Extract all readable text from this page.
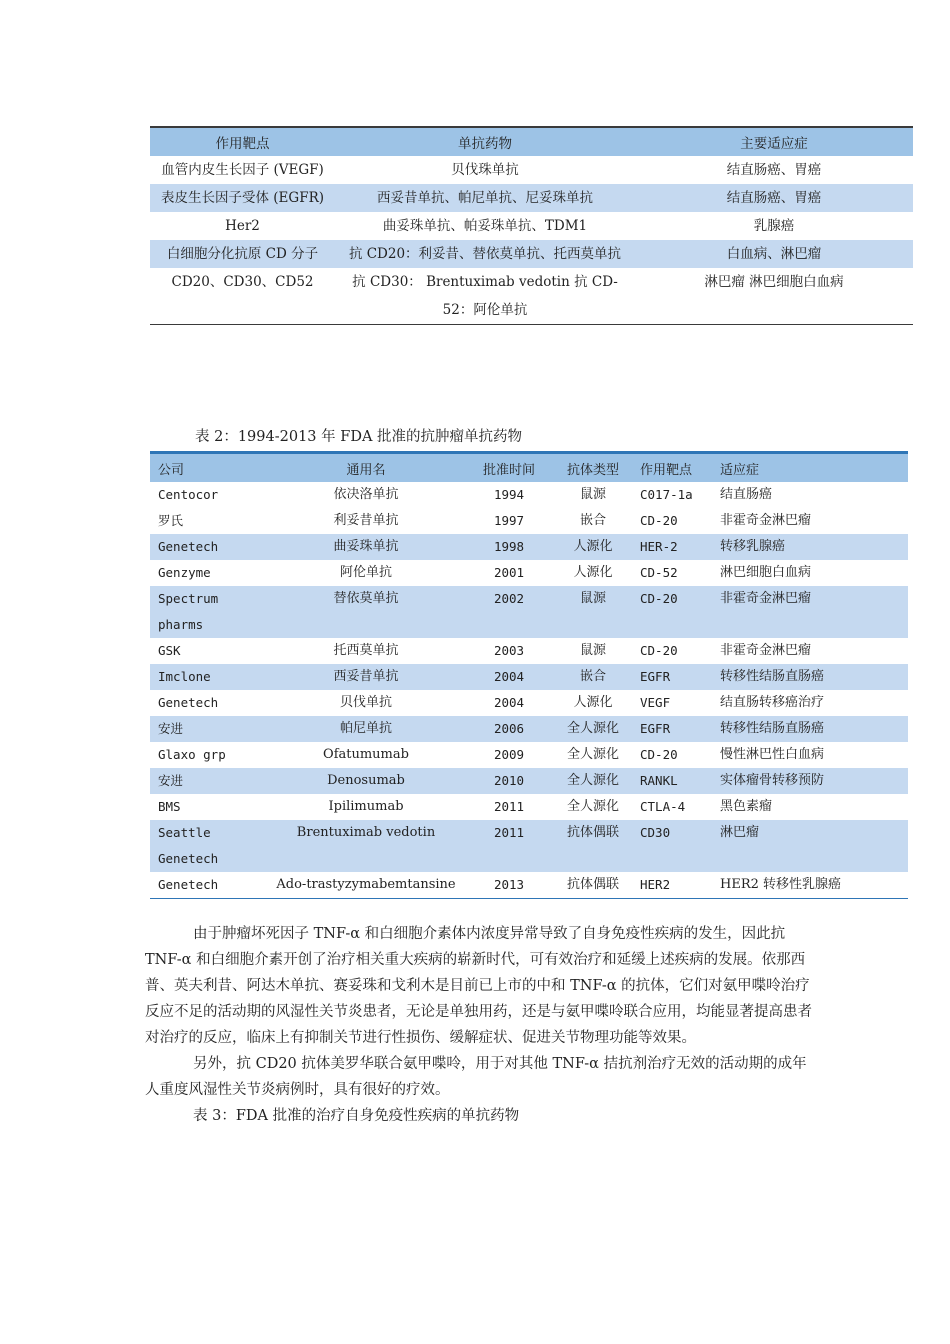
作用靶点	单抗药物	主要适应症
血管内皮生长因子 (VEGF)	贝伐珠单抗	结直肠癌、胃癌
表皮生长因子受体 (EGFR)	西妥昔单抗、帕尼单抗、尼妥珠单抗	结直肠癌、胃癌
Her2	曲妥珠单抗、帕妥珠单抗、TDM1	乳腺癌
白细胞分化抗原 CD 分子	抗 CD20：利妥昔、替依莫单抗、托西莫单抗	白血病、淋巴瘤
CD20、CD30、CD52	抗 CD30： Brentuximab vedotin 抗 CD-52：阿伦单抗	淋巴瘤 淋巴细胞白血病
表 2：1994-2013 年 FDA 批准的抗肿瘤单抗药物
公司	通用名	批准时间	抗体类型	作用靶点	适应症
Centocor	依决洛单抗	1994	鼠源	C017-1a	结直肠癌
罗氏	利妥昔单抗	1997	嵌合	CD-20	非霍奇金淋巴瘤
Genetech	曲妥珠单抗	1998	人源化	HER-2	转移乳腺癌
Genzyme	阿伦单抗	2001	人源化	CD-52	淋巴细胞白血病
Spectrum pharms	替依莫单抗	2002	鼠源	CD-20	非霍奇金淋巴瘤
GSK	托西莫单抗	2003	鼠源	CD-20	非霍奇金淋巴瘤
Imclone	西妥昔单抗	2004	嵌合	EGFR	转移性结肠直肠癌
Genetech	贝伐单抗	2004	人源化	VEGF	结直肠转移癌治疗
安进	帕尼单抗	2006	全人源化	EGFR	转移性结肠直肠癌
Glaxo grp	Ofatumumab	2009	全人源化	CD-20	慢性淋巴性白血病
安进	Denosumab	2010	全人源化	RANKL	实体瘤骨转移预防
BMS	Ipilimumab	2011	全人源化	CTLA-4	黑色素瘤
Seattle Genetech	Brentuximab vedotin	2011	抗体偶联	CD30	淋巴瘤
Genetech	Ado-trastyzymabemtansine	2013	抗体偶联	HER2	HER2 转移性乳腺癌

由于肿瘤坏死因子 TNF-α 和白细胞介素体内浓度异常导致了自身免疫性疾病的发生，因此抗 TNF-α 和白细胞介素开创了治疗相关重大疾病的崭新时代，可有效治疗和延缓上述疾病的发展。依那西普、英夫利昔、阿达木单抗、赛妥珠和戈利木是目前已上市的中和 TNF-α 的抗体，它们对氨甲喋呤治疗反应不足的活动期的风湿性关节炎患者，无论是单独用药，还是与氨甲喋呤联合应用，均能显著提高患者对治疗的反应，临床上有抑制关节进行性损伤、缓解症状、促进关节物理功能等效果。

另外，抗 CD20 抗体美罗华联合氨甲喋呤，用于对其他 TNF-α 拮抗剂治疗无效的活动期的成年人重度风湿性关节炎病例时，具有很好的疗效。

表 3：FDA 批准的治疗自身免疫性疾病的单抗药物
